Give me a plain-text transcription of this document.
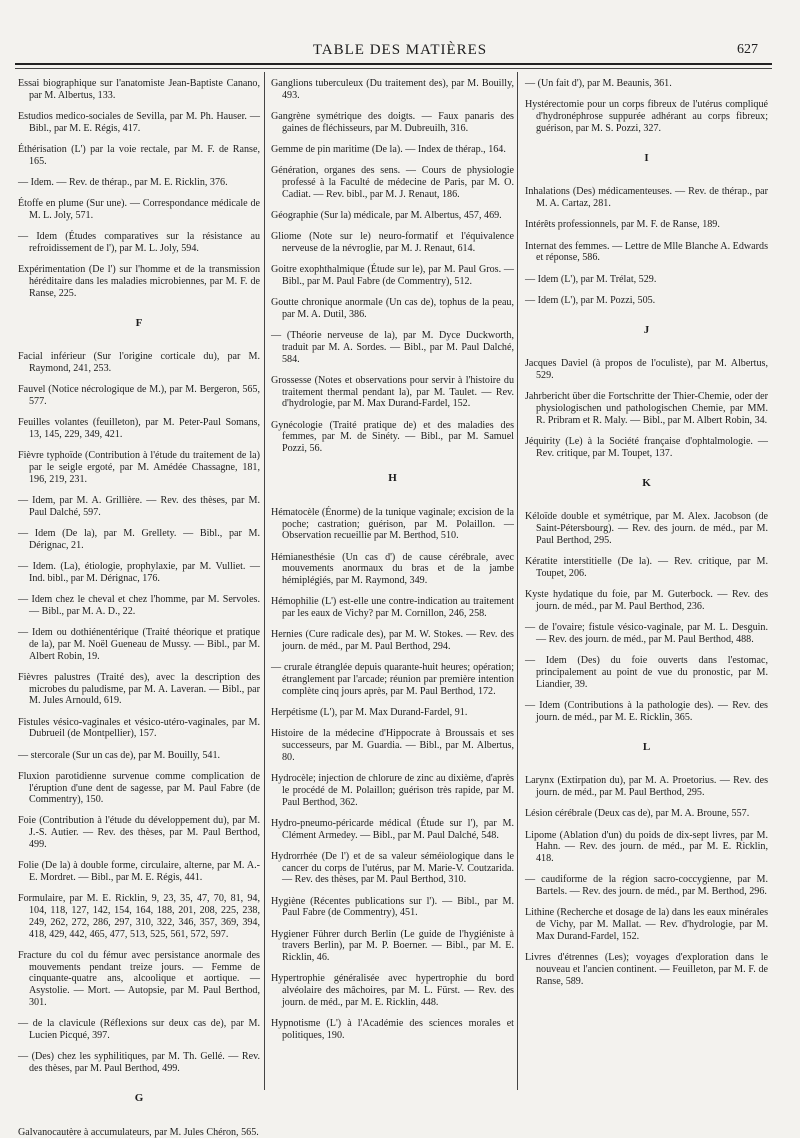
TABLE DES MATIÈRES	627
Essai biographique sur l'anatomiste Jean-Baptiste Canano, par M. Albertus, 133.
Estudios medico-sociales de Sevilla, par M. Ph. Hauser. — Bibl., par M. E. Régis, 417.
Éthérisation (L') par la voie rectale, par M. F. de Ranse, 165.
— Idem. — Rev. de thérap., par M. E. Ricklin, 376.
Étoffe en plume (Sur une). — Correspondance médicale de M. L. Joly, 571.
— Idem (Études comparatives sur la résistance au refroidissement de l'), par M. L. Joly, 594.
Expérimentation (De l') sur l'homme et de la transmission héréditaire dans les maladies microbiennes, par M. F. de Ranse, 225.
F
Facial inférieur (Sur l'origine corticale du), par M. Raymond, 241, 253.
Fauvel (Notice nécrologique de M.), par M. Bergeron, 565, 577.
Feuilles volantes (feuilleton), par M. Peter-Paul Somans, 13, 145, 229, 349, 421.
Fièvre typhoïde (Contribution à l'étude du traitement de la) par le seigle ergoté, par M. Amédée Chassagne, 181, 196, 219, 231.
— Idem, par M. A. Grillière. — Rev. des thèses, par M. Paul Dalché, 597.
— Idem (De la), par M. Grellety. — Bibl., par M. Dérignac, 21.
— Idem. (La), étiologie, prophylaxie, par M. Vulliet. — Ind. bibl., par M. Dérignac, 176.
— Idem chez le cheval et chez l'homme, par M. Servoles. — Bibl., par M. A. D., 22.
— Idem ou dothiénentérique (Traité théorique et pratique de la), par M. Noël Gueneau de Mussy. — Bibl., par M. Albert Robin, 19.
Fièvres palustres (Traité des), avec la description des microbes du paludisme, par M. A. Laveran. — Bibl., par M. Jules Arnould, 619.
Fistules vésico-vaginales et vésico-utéro-vaginales, par M. Dubrueil (de Montpellier), 157.
— stercorale (Sur un cas de), par M. Bouilly, 541.
Fluxion parotidienne survenue comme complication de l'éruption d'une dent de sagesse, par M. Paul Fabre (de Commentry), 150.
Foie (Contribution à l'étude du développement du), par M. J.-S. Autier. — Rev. des thèses, par M. Paul Berthod, 499.
Folie (De la) à double forme, circulaire, alterne, par M. A.-E. Mordret. — Bibl., par M. E. Régis, 441.
Formulaire, par M. E. Ricklin, 9, 23, 35, 47, 70, 81, 94, 104, 118, 127, 142, 154, 164, 188, 201, 208, 225, 238, 249, 262, 272, 286, 297, 310, 322, 346, 357, 369, 394, 418, 429, 442, 465, 477, 513, 525, 561, 572, 597.
Fracture du col du fémur avec persistance anormale des mouvements pendant treize jours. — Femme de cinquante-quatre ans, alcoolique et aortique. — Asystolie. — Mort. — Autopsie, par M. Paul Berthod, 301.
— de la clavicule (Réflexions sur deux cas de), par M. Lucien Picqué, 397.
— (Des) chez les syphilitiques, par M. Th. Gellé. — Rev. des thèses, par M. Paul Berthod, 499.
G
Galvanocautère à accumulateurs, par M. Jules Chéron, 565.
Ganglions tuberculeux (Du traitement des), par M. Bouilly, 493.
Gangrène symétrique des doigts. — Faux panaris des gaines de fléchisseurs, par M. Dubreuilh, 316.
Gemme de pin maritime (De la). — Index de thérap., 164.
Génération, organes des sens. — Cours de physiologie professé à la Faculté de médecine de Paris, par M. O. Cadiat. — Rev. bibl., par M. J. Renaut, 186.
Géographie (Sur la) médicale, par M. Albertus, 457, 469.
Gliome (Note sur le) neuro-formatif et l'équivalence nerveuse de la névroglie, par M. J. Renaut, 614.
Goitre exophthalmique (Étude sur le), par M. Paul Gros. — Bibl., par M. Paul Fabre (de Commentry), 512.
Goutte chronique anormale (Un cas de), tophus de la peau, par M. A. Dutil, 386.
— (Théorie nerveuse de la), par M. Dyce Duckworth, traduit par M. A. Sordes. — Bibl., par M. Paul Dalché, 584.
Grossesse (Notes et observations pour servir à l'histoire du traitement thermal pendant la), par M. Taulet. — Rev. d'hydrologie, par M. Max Durand-Fardel, 152.
Gynécologie (Traité pratique de) et des maladies des femmes, par M. de Sinéty. — Bibl., par M. Samuel Pozzi, 56.
H
Hématocèle (Énorme) de la tunique vaginale; excision de la poche; castration; guérison, par M. Polaillon. — Observation recueillie par M. Berthod, 510.
Hémianesthésie (Un cas d') de cause cérébrale, avec mouvements anormaux du bras et de la jambe hémiplégiés, par M. Raymond, 349.
Hémophilie (L') est-elle une contre-indication au traitement par les eaux de Vichy? par M. Cornillon, 246, 258.
Hernies (Cure radicale des), par M. W. Stokes. — Rev. des journ. de méd., par M. Paul Berthod, 294.
— crurale étranglée depuis quarante-huit heures; opération; étranglement par l'arcade; réunion par première intention complète cinq jours après, par M. Paul Berthod, 172.
Herpétisme (L'), par M. Max Durand-Fardel, 91.
Histoire de la médecine d'Hippocrate à Broussais et ses successeurs, par M. Guardia. — Bibl., par M. Albertus, 80.
Hydrocèle; injection de chlorure de zinc au dixième, d'après le procédé de M. Polaillon; guérison très rapide, par M. Paul Berthod, 362.
Hydro-pneumo-péricarde médical (Étude sur l'), par M. Clément Armedey. — Bibl., par M. Paul Dalché, 548.
Hydrorrhée (De l') et de sa valeur séméiologique dans le cancer du corps de l'utérus, par M. Marie-V. Coutzarida. — Rev. des thèses, par M. Paul Berthod, 310.
Hygiène (Récentes publications sur l'). — Bibl., par M. Paul Fabre (de Commentry), 451.
Hygiener Führer durch Berlin (Le guide de l'hygiéniste à travers Berlin), par M. P. Boerner. — Bibl., par M. E. Ricklin, 46.
Hypertrophie généralisée avec hypertrophie du bord alvéolaire des mâchoires, par M. L. Fürst. — Rev. des journ. de méd., par M. E. Ricklin, 448.
Hypnotisme (L') à l'Académie des sciences morales et politiques, 190.
— (Un fait d'), par M. Beaunis, 361.
Hystérectomie pour un corps fibreux de l'utérus compliqué d'hydronéphrose suppurée adhérant au corps fibreux; guérison, par M. S. Pozzi, 327.
I
Inhalations (Des) médicamenteuses. — Rev. de thérap., par M. A. Cartaz, 281.
Intérêts professionnels, par M. F. de Ranse, 189.
Internat des femmes. — Lettre de Mlle Blanche A. Edwards et réponse, 586.
— Idem (L'), par M. Trélat, 529.
— Idem (L'), par M. Pozzi, 505.
J
Jacques Daviel (à propos de l'oculiste), par M. Albertus, 529.
Jahrbericht über die Fortschritte der Thier-Chemie, oder der physiologischen und pathologischen Chemie, par MM. R. Pribram et R. Maly. — Bibl., par M. Albert Robin, 34.
Jéquirity (Le) à la Société française d'ophtalmologie. — Rev. critique, par M. Toupet, 137.
K
Kéloïde double et symétrique, par M. Alex. Jacobson (de Saint-Pétersbourg). — Rev. des journ. de méd., par M. Paul Berthod, 295.
Kératite interstitielle (De la). — Rev. critique, par M. Toupet, 206.
Kyste hydatique du foie, par M. Guterbock. — Rev. des journ. de méd., par M. Paul Berthod, 236.
— de l'ovaire; fistule vésico-vaginale, par M. L. Desguin. — Rev. des journ. de méd., par M. Paul Berthod, 488.
— Idem (Des) du foie ouverts dans l'estomac, principalement au point de vue du pronostic, par M. Liandier, 39.
— Idem (Contributions à la pathologie des). — Rev. des journ. de méd., par M. E. Ricklin, 365.
L
Larynx (Extirpation du), par M. A. Proetorius. — Rev. des journ. de méd., par M. Paul Berthod, 295.
Lésion cérébrale (Deux cas de), par M. A. Broune, 557.
Lipome (Ablation d'un) du poids de dix-sept livres, par M. Hahn. — Rev. des journ. de méd., par M. E. Ricklin, 418.
— caudiforme de la région sacro-coccygienne, par M. Bartels. — Rev. des journ. de méd., par M. Berthod, 296.
Lithine (Recherche et dosage de la) dans les eaux minérales de Vichy, par M. Mallat. — Rev. d'hydrologie, par M. Max Durand-Fardel, 152.
Livres d'étrennes (Les); voyages d'exploration dans le nouveau et l'ancien continent. — Feuilleton, par M. F. de Ranse, 589.
